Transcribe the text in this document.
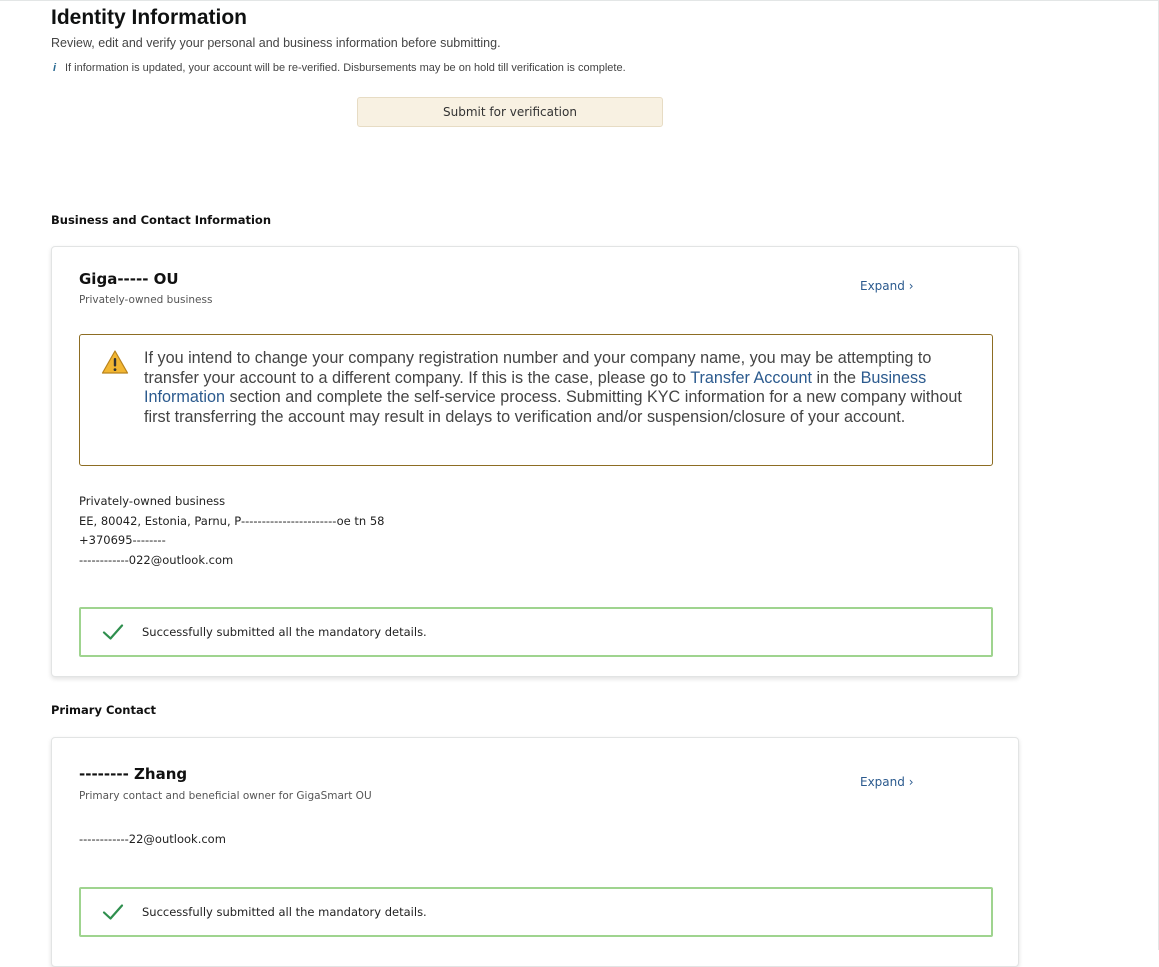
Identity Information
Review, edit and verify your personal and business information before submitting.
i If information is updated, your account will be re-verified. Disbursements may be on hold till verification is complete.
Submit for verification
Business and Contact Information
Giga----- OU
Privately-owned business
Expand ›
If you intend to change your company registration number and your company name, you may be attempting to transfer your account to a different company. If this is the case, please go to Transfer Account in the Business Information section and complete the self-service process. Submitting KYC information for a new company without first transferring the account may result in delays to verification and/or suspension/closure of your account.
Privately-owned business
EE, 80042, Estonia, Parnu, P-----------------------oe tn 58
+370695--------
------------022@outlook.com
Successfully submitted all the mandatory details.
Primary Contact
-------- Zhang
Primary contact and beneficial owner for GigaSmart OU
Expand ›
------------22@outlook.com
Successfully submitted all the mandatory details.
